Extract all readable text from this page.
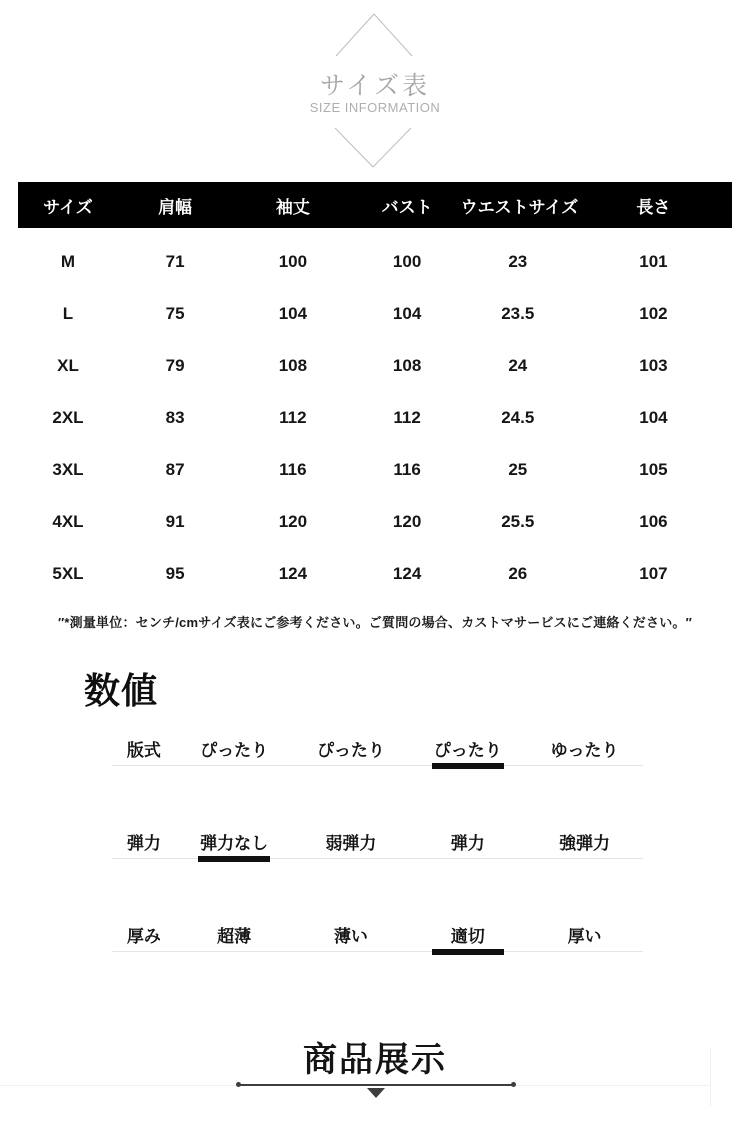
サイズ表
SIZE INFORMATION
サイズ	肩幅	袖丈	バスト	ウエストサイズ	長さ
M	71	100	100	23	101
L	75	104	104	23.5	102
XL	79	108	108	24	103
2XL	83	112	112	24.5	104
3XL	87	116	116	25	105
4XL	91	120	120	25.5	106
5XL	95	124	124	26	107
″*測量単位：センチ/cmサイズ表にご参考ください。ご質問の場合、カストマサービスにご連絡ください。″
数値
版式	ぴったり	ぴったり	ぴったり	ゆったり
弾力	弾力なし	弱弾力	弾力	強弾力
厚み	超薄	薄い	適切	厚い
商品展示
